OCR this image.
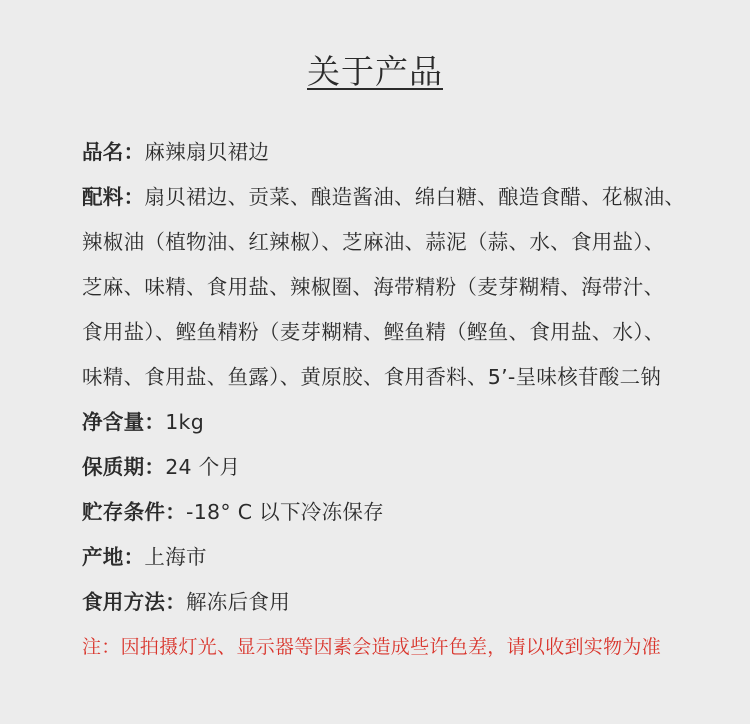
关于产品
品名：麻辣扇贝裙边
配料：扇贝裙边、贡菜、酿造酱油、绵白糖、酿造食醋、花椒油、
辣椒油（植物油、红辣椒）、芝麻油、蒜泥（蒜、水、食用盐）、
芝麻、味精、食用盐、辣椒圈、海带精粉（麦芽糊精、海带汁、
食用盐）、鲣鱼精粉（麦芽糊精、鲣鱼精（鲣鱼、食用盐、水）、
味精、食用盐、鱼露）、黄原胶、食用香料、5’-呈味核苷酸二钠
净含量：1kg
保质期：24 个月
贮存条件：-18° C 以下冷冻保存
产地：上海市
食用方法：解冻后食用
注：因拍摄灯光、显示器等因素会造成些许色差，请以收到实物为准
